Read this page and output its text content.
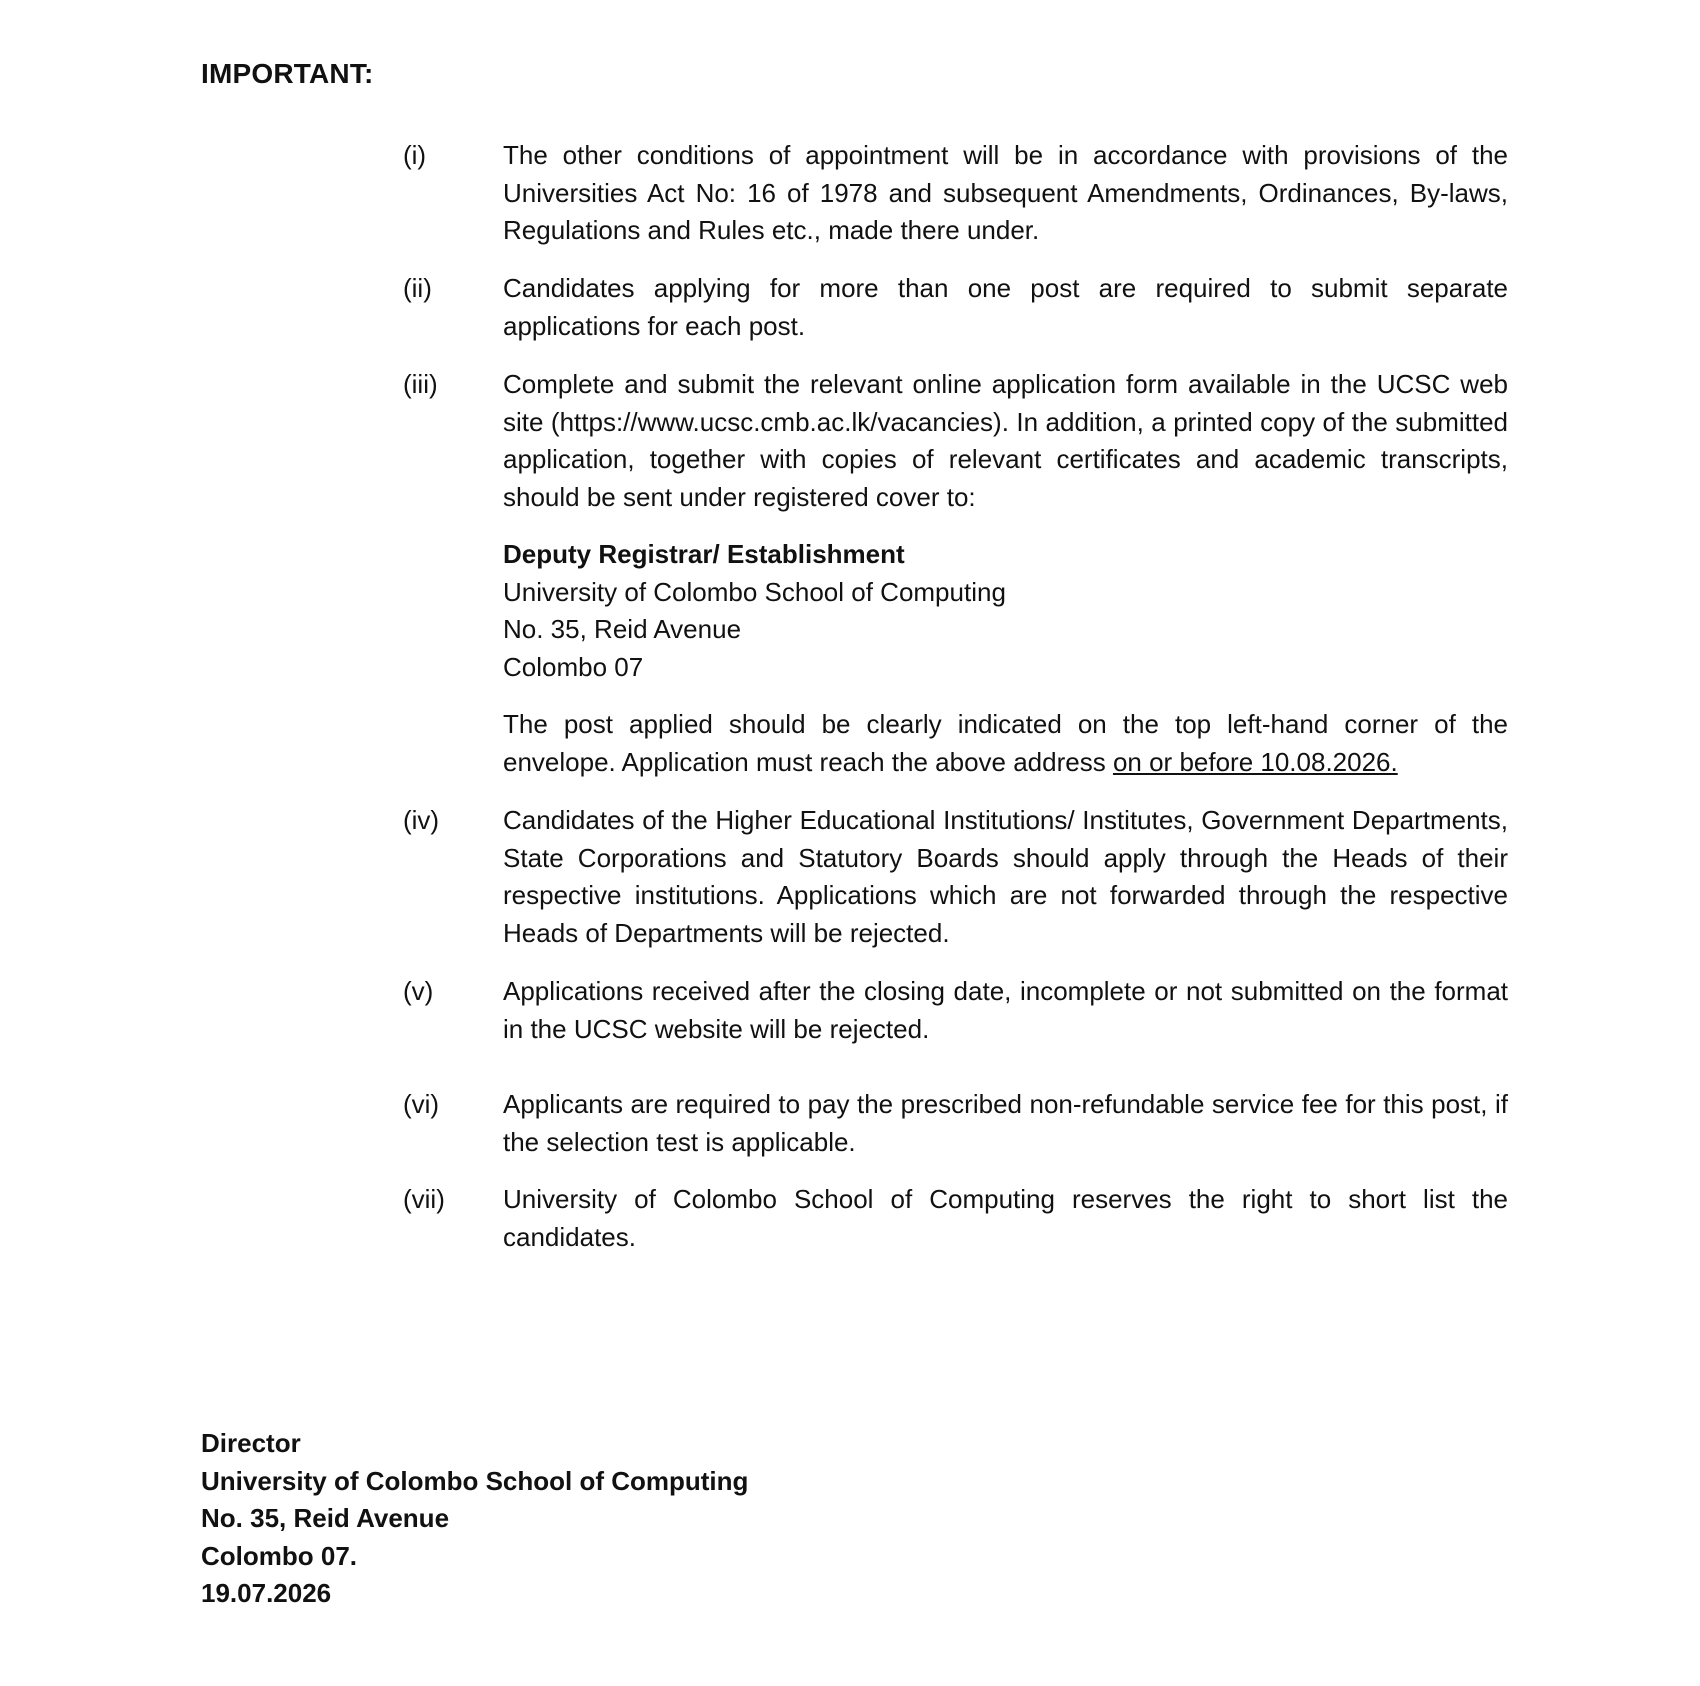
IMPORTANT:
(i)	The other conditions of appointment will be in accordance with provisions of the Universities Act No: 16 of 1978 and subsequent Amendments, Ordinances, By-laws, Regulations and Rules etc., made there under.
(ii)	Candidates applying for more than one post are required to submit separate applications for each post.
(iii)	Complete and submit the relevant online application form available in the UCSC web site (https://www.ucsc.cmb.ac.lk/vacancies). In addition, a printed copy of the submitted application, together with copies of relevant certificates and academic transcripts, should be sent under registered cover to:
Deputy Registrar/ Establishment
University of Colombo School of Computing
No. 35, Reid Avenue
Colombo 07
The post applied should be clearly indicated on the top left-hand corner of the envelope. Application must reach the above address on or before 10.08.2026.
(iv)	Candidates of the Higher Educational Institutions/ Institutes, Government Departments, State Corporations and Statutory Boards should apply through the Heads of their respective institutions. Applications which are not forwarded through the respective Heads of Departments will be rejected.
(v)	Applications received after the closing date, incomplete or not submitted on the format in the UCSC website will be rejected.
(vi)	Applicants are required to pay the prescribed non-refundable service fee for this post, if the selection test is applicable.
(vii)	University of Colombo School of Computing reserves the right to short list the candidates.
Director
University of Colombo School of Computing
No. 35, Reid Avenue
Colombo 07.
19.07.2026
